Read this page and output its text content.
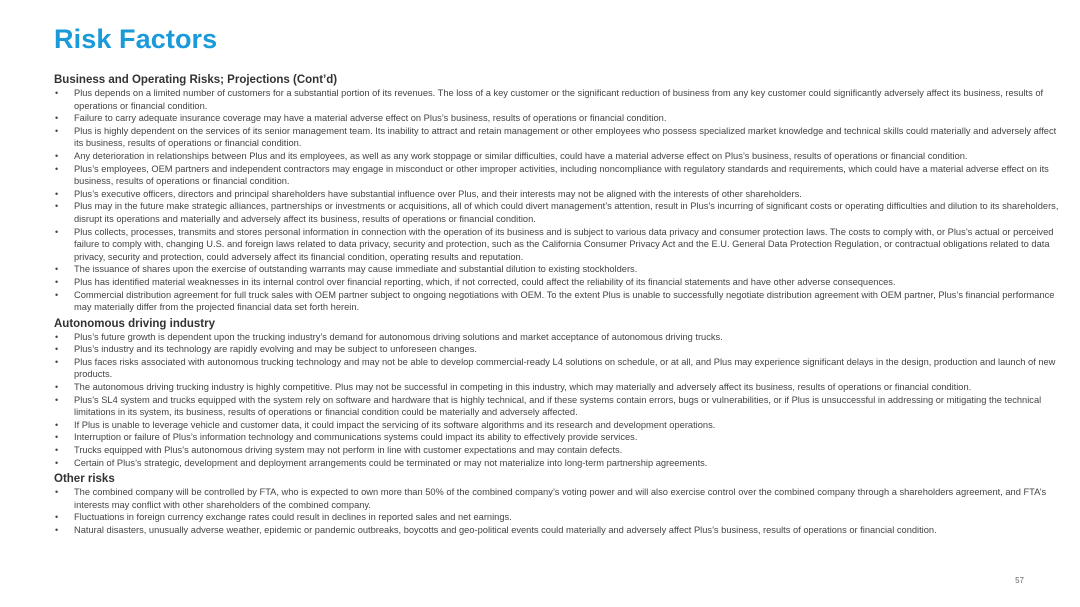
Risk Factors
Business and Operating Risks; Projections (Cont’d)
• Plus depends on a limited number of customers for a substantial portion of its revenues. The loss of a key customer or the significant reduction of business from any key customer could significantly adversely affect its business, results of operations or financial condition.
• Failure to carry adequate insurance coverage may have a material adverse effect on Plus’s business, results of operations or financial condition.
• Plus is highly dependent on the services of its senior management team. Its inability to attract and retain management or other employees who possess specialized market knowledge and technical skills could materially and adversely affect its business, results of operations or financial condition.
• Any deterioration in relationships between Plus and its employees, as well as any work stoppage or similar difficulties, could have a material adverse effect on Plus’s business, results of operations or financial condition.
• Plus’s employees, OEM partners and independent contractors may engage in misconduct or other improper activities, including noncompliance with regulatory standards and requirements, which could have a material adverse effect on its business, results of operations or financial condition.
• Plus’s executive officers, directors and principal shareholders have substantial influence over Plus, and their interests may not be aligned with the interests of other shareholders.
• Plus may in the future make strategic alliances, partnerships or investments or acquisitions, all of which could divert management’s attention, result in Plus’s incurring of significant costs or operating difficulties and dilution to its shareholders, disrupt its operations and materially and adversely affect its business, results of operations or financial condition.
• Plus collects, processes, transmits and stores personal information in connection with the operation of its business and is subject to various data privacy and consumer protection laws. The costs to comply with, or Plus’s actual or perceived failure to comply with, changing U.S. and foreign laws related to data privacy, security and protection, such as the California Consumer Privacy Act and the E.U. General Data Protection Regulation, or contractual obligations related to data privacy, security and protection, could adversely affect its financial condition, operating results and reputation.
• The issuance of shares upon the exercise of outstanding warrants may cause immediate and substantial dilution to existing stockholders.
• Plus has identified material weaknesses in its internal control over financial reporting, which, if not corrected, could affect the reliability of its financial statements and have other adverse consequences.
• Commercial distribution agreement for full truck sales with OEM partner subject to ongoing negotiations with OEM. To the extent Plus is unable to successfully negotiate distribution agreement with OEM partner, Plus’s financial performance may materially differ from the projected financial data set forth herein.
Autonomous driving industry
• Plus’s future growth is dependent upon the trucking industry’s demand for autonomous driving solutions and market acceptance of autonomous driving trucks.
• Plus’s industry and its technology are rapidly evolving and may be subject to unforeseen changes.
• Plus faces risks associated with autonomous trucking technology and may not be able to develop commercial-ready L4 solutions on schedule, or at all, and Plus may experience significant delays in the design, production and launch of new products.
• The autonomous driving trucking industry is highly competitive. Plus may not be successful in competing in this industry, which may materially and adversely affect its business, results of operations or financial condition.
• Plus’s SL4 system and trucks equipped with the system rely on software and hardware that is highly technical, and if these systems contain errors, bugs or vulnerabilities, or if Plus is unsuccessful in addressing or mitigating the technical limitations in its system, its business, results of operations or financial condition could be materially and adversely affected.
• If Plus is unable to leverage vehicle and customer data, it could impact the servicing of its software algorithms and its research and development operations.
• Interruption or failure of Plus’s information technology and communications systems could impact its ability to effectively provide services.
• Trucks equipped with Plus’s autonomous driving system may not perform in line with customer expectations and may contain defects.
• Certain of Plus’s strategic, development and deployment arrangements could be terminated or may not materialize into long-term partnership agreements.
Other risks
• The combined company will be controlled by FTA, who is expected to own more than 50% of the combined company’s voting power and will also exercise control over the combined company through a shareholders agreement, and FTA’s interests may conflict with other shareholders of the combined company.
• Fluctuations in foreign currency exchange rates could result in declines in reported sales and net earnings.
• Natural disasters, unusually adverse weather, epidemic or pandemic outbreaks, boycotts and geo-political events could materially and adversely affect Plus’s business, results of operations or financial condition.
57
